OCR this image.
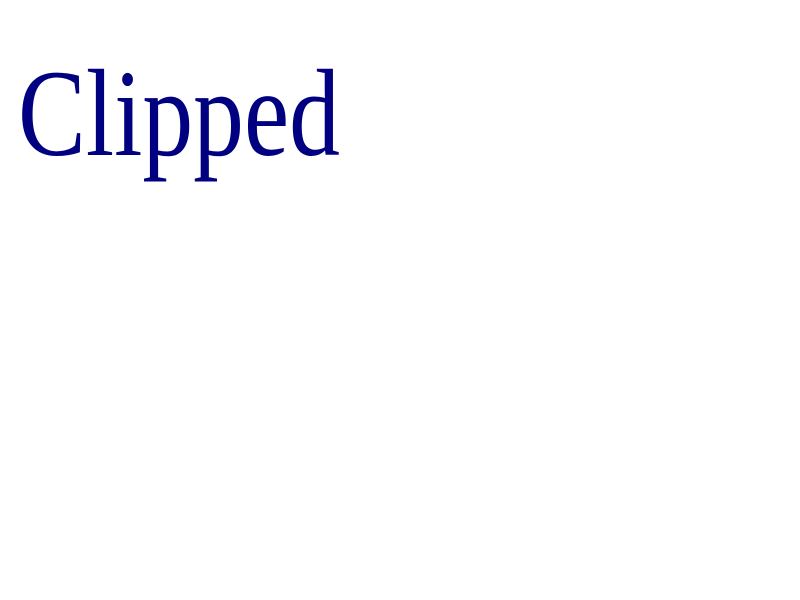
Clipped
